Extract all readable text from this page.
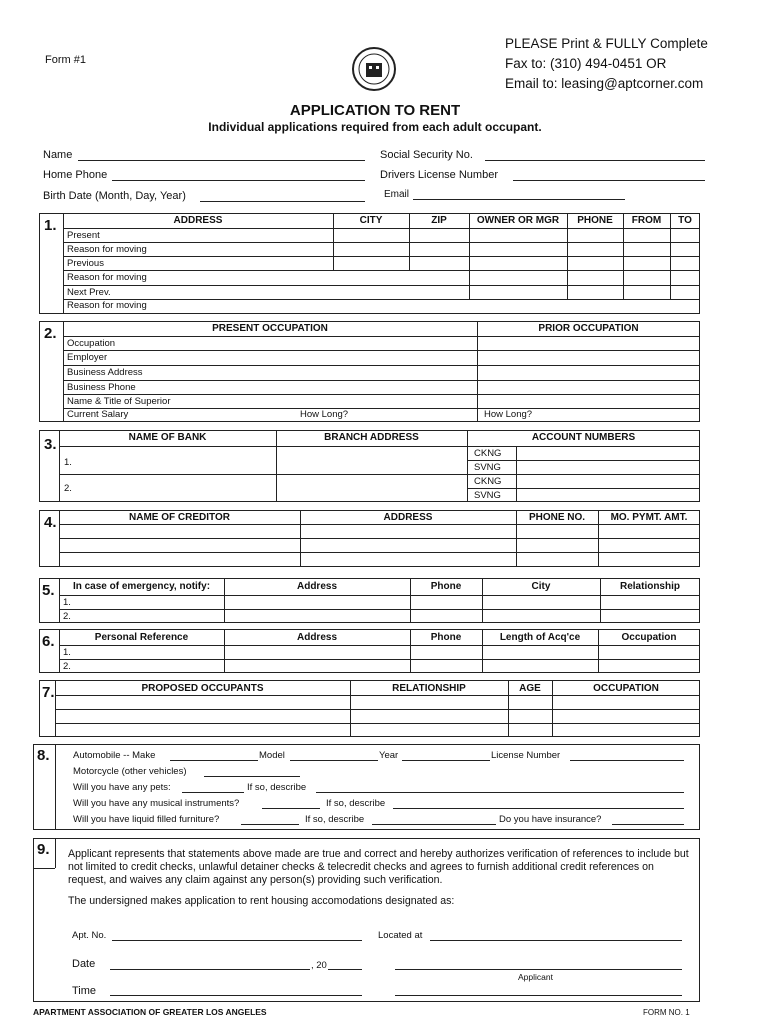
Form #1
PLEASE Print & FULLY Complete
Fax to: (310) 494-0451 OR
Email to: leasing@aptcorner.com
APPLICATION TO RENT
Individual applications required from each adult occupant.
Name
Home Phone
Birth Date (Month, Day, Year)
Social Security No.
Drivers License Number
Email
1.	ADDRESS	CITY	ZIP	OWNER OR MGR	PHONE	FROM	TO
Present
Reason for moving
Previous
Reason for moving
Next Prev.
Reason for moving
2.	PRESENT OCCUPATION	PRIOR OCCUPATION
Occupation
Employer
Business Address
Business Phone
Name & Title of Superior
Current Salary	How Long?	How Long?
3.	NAME OF BANK	BRANCH ADDRESS	ACCOUNT NUMBERS
1.
2.
CKNG
SVNG
CKNG
SVNG
4.	NAME OF CREDITOR	ADDRESS	PHONE NO.	MO. PYMT. AMT.
5.	In case of emergency, notify:	Address	Phone	City	Relationship
1.
2.
6.	Personal Reference	Address	Phone	Length of Acq'ce	Occupation
1.
2.
7.	PROPOSED OCCUPANTS	RELATIONSHIP	AGE	OCCUPATION
8. Automobile -- Make	Model	Year	License Number
Motorcycle (other vehicles)
Will you have any pets:	If so, describe
Will you have any musical instruments?	If so, describe
Will you have liquid filled furniture?	If so, describe	Do you have insurance?
9. Applicant represents that statements above made are true and correct and hereby authorizes verification of references to include but not limited to credit checks, unlawful detainer checks & telecredit checks and agrees to furnish additional credit references on request, and waives any claim against any person(s) providing such verification.
The undersigned makes application to rent housing accomodations designated as:
Apt. No.	Located at
Date	, 20
Applicant
Time
APARTMENT ASSOCIATION OF GREATER LOS ANGELES	FORM NO. 1
